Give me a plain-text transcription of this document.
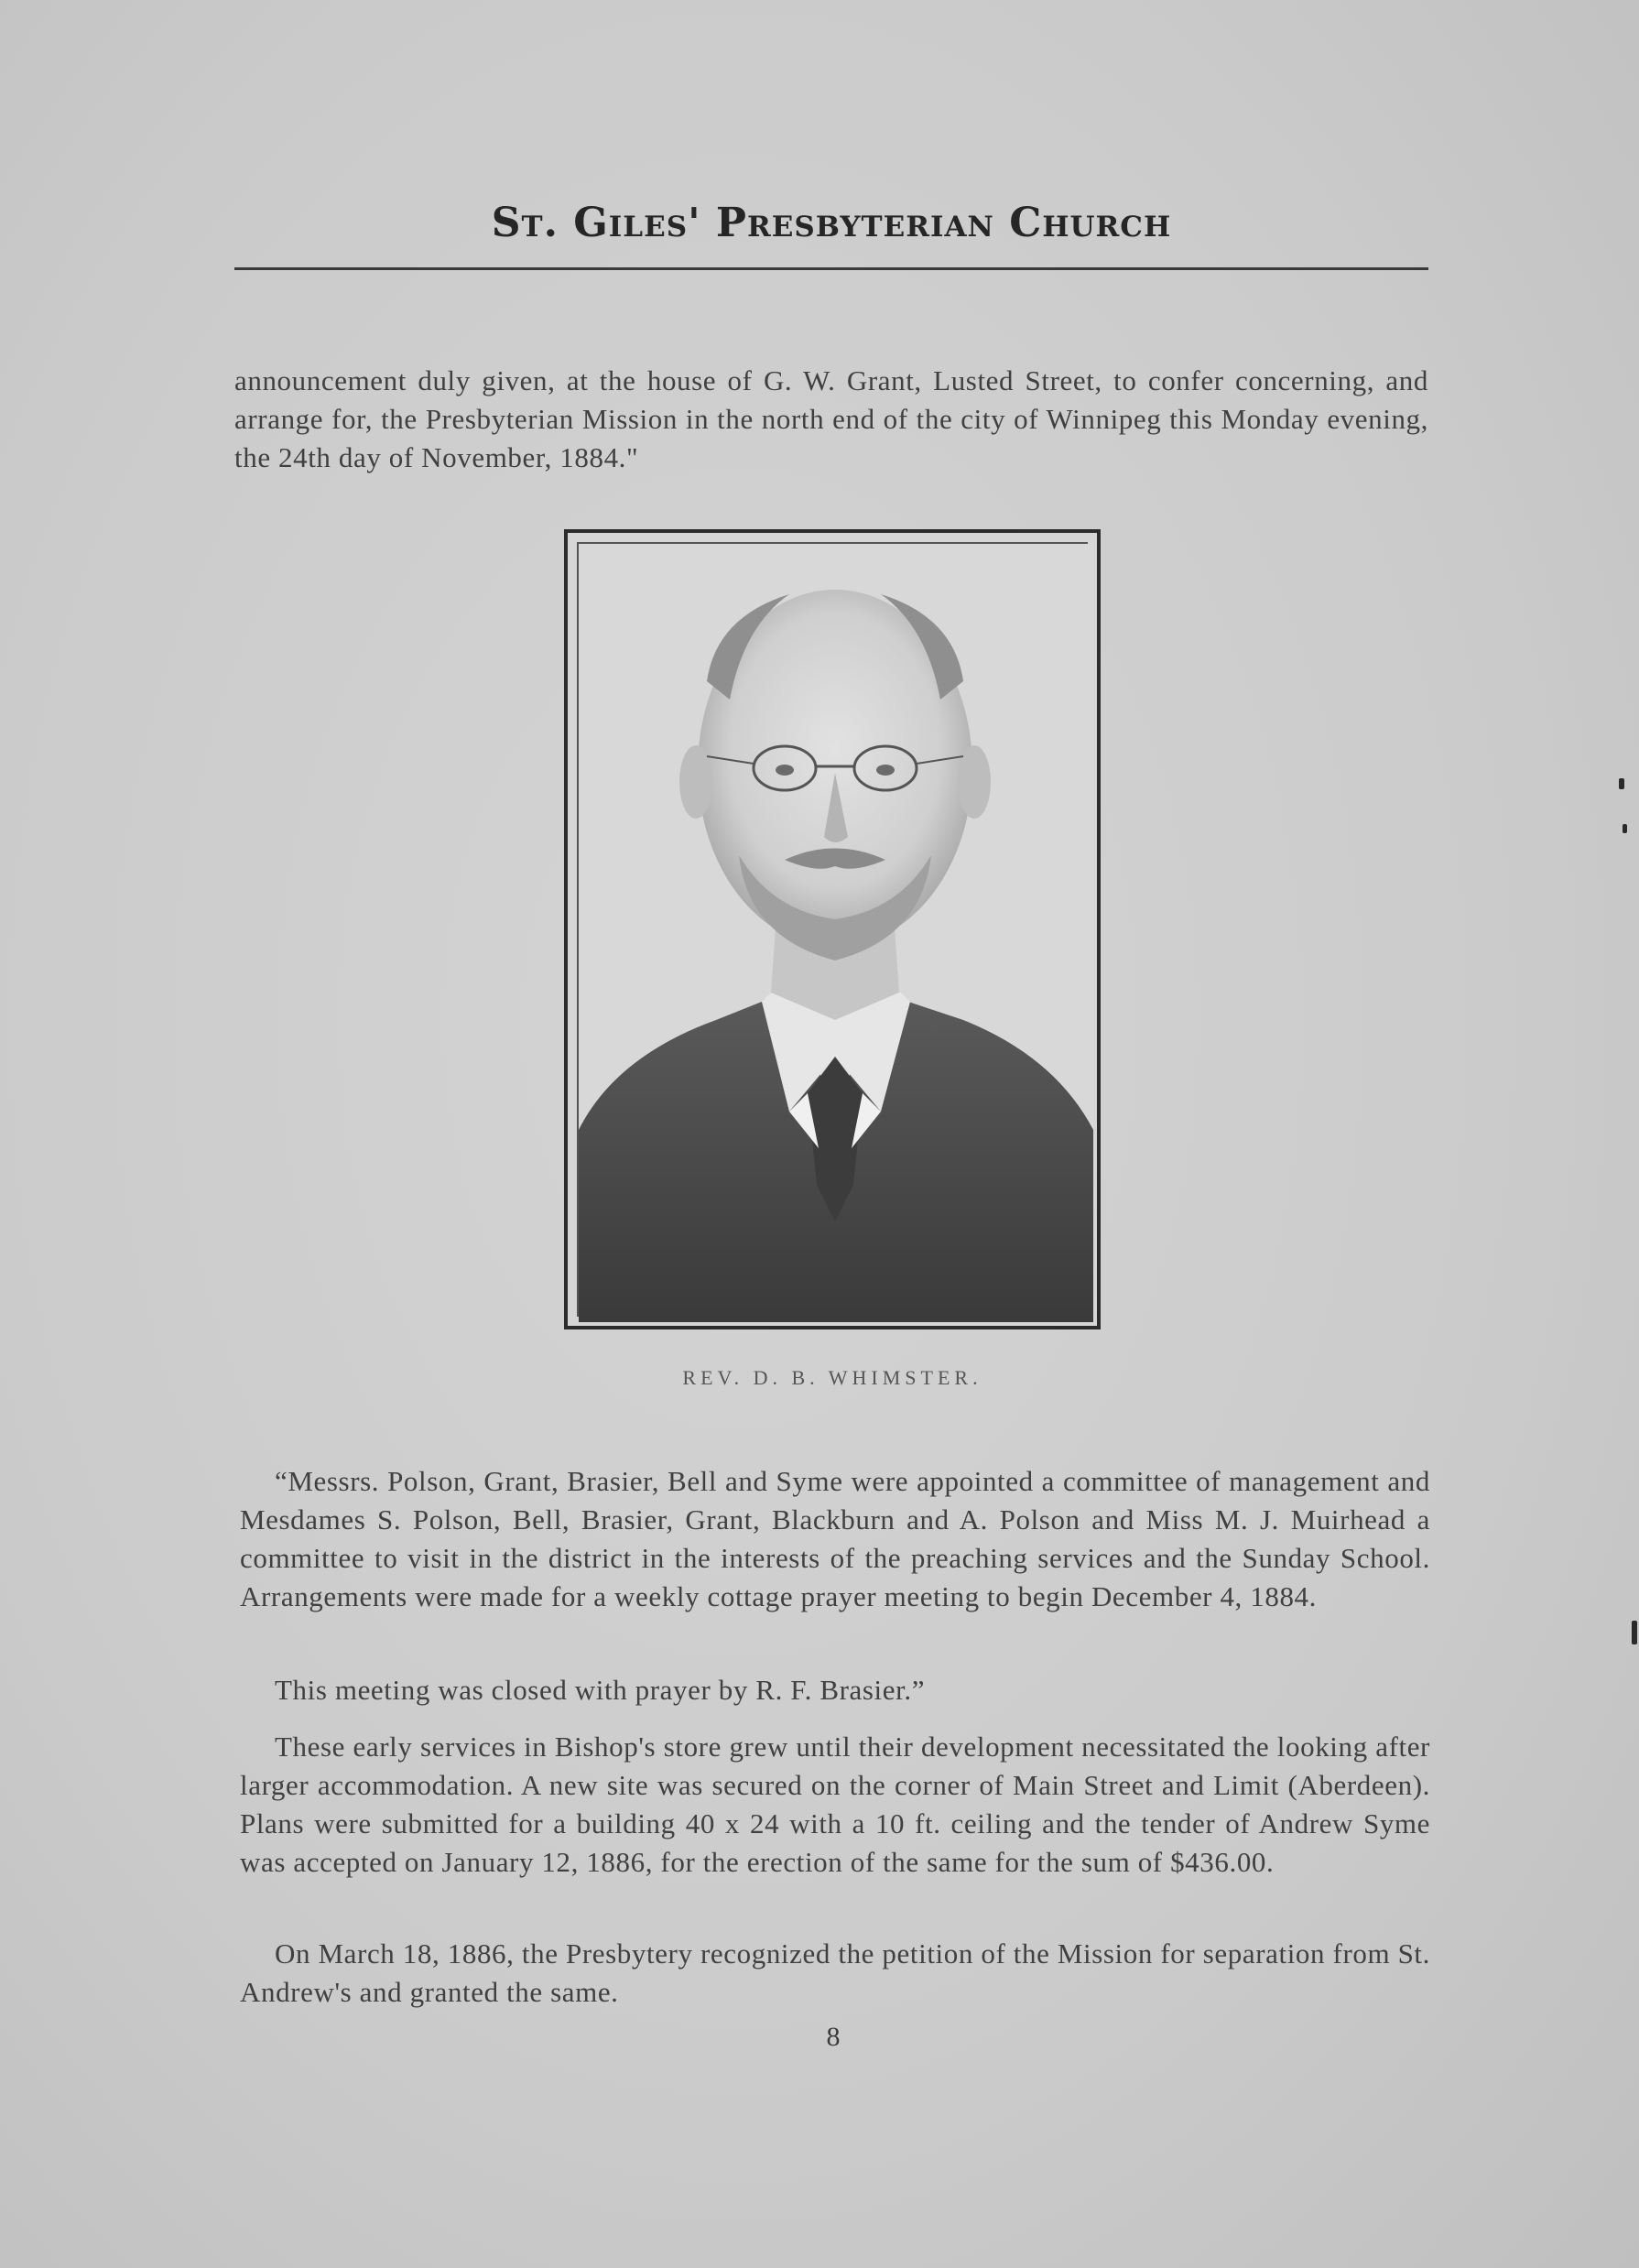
St. Giles' Presbyterian Church

announcement duly given, at the house of G. W. Grant, Lusted Street, to confer concerning, and arrange for, the Presbyterian Mission in the north end of the city of Winnipeg this Monday evening, the 24th day of November, 1884."

REV. D. B. WHIMSTER.

“Messrs. Polson, Grant, Brasier, Bell and Syme were appointed a committee of management and Mesdames S. Polson, Bell, Brasier, Grant, Blackburn and A. Polson and Miss M. J. Muirhead a committee to visit in the district in the interests of the preaching services and the Sunday School. Arrangements were made for a weekly cottage prayer meeting to begin December 4, 1884.

This meeting was closed with prayer by R. F. Brasier.”

These early services in Bishop's store grew until their development necessitated the looking after larger accommodation. A new site was secured on the corner of Main Street and Limit (Aberdeen). Plans were submitted for a building 40 x 24 with a 10 ft. ceiling and the tender of Andrew Syme was accepted on January 12, 1886, for the erection of the same for the sum of $436.00.

On March 18, 1886, the Presbytery recognized the petition of the Mission for separation from St. Andrew's and granted the same.

8
